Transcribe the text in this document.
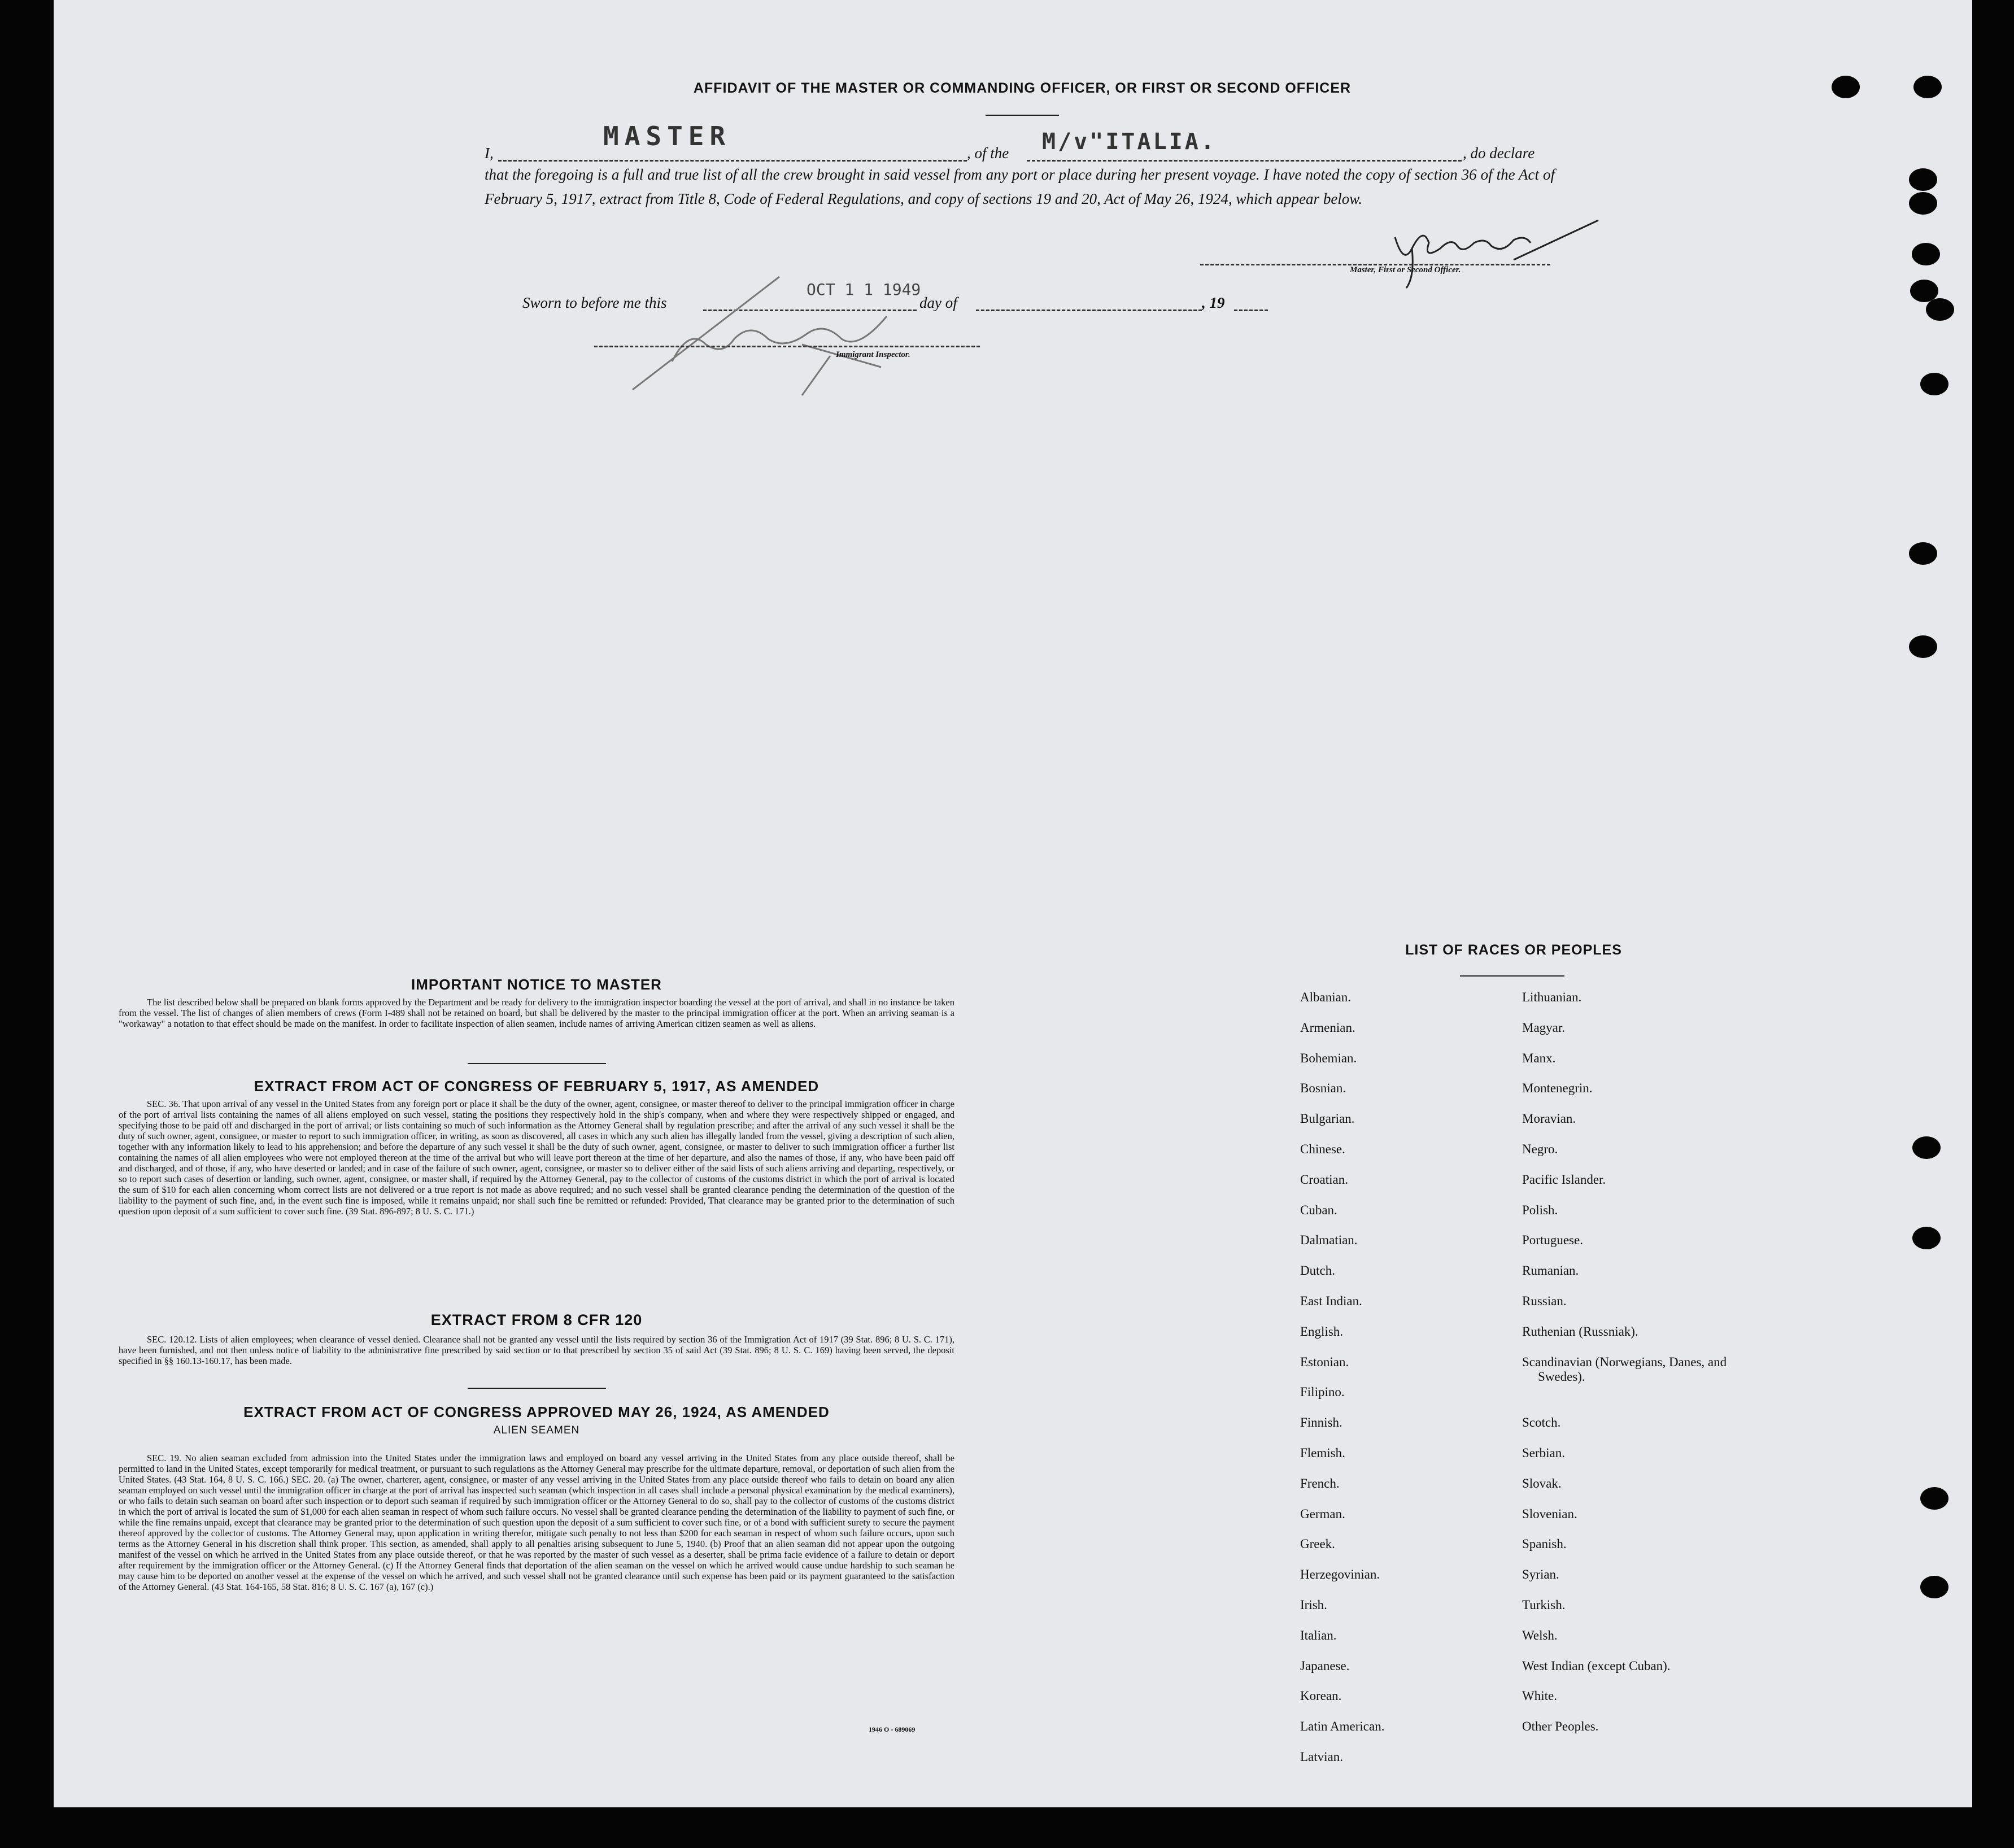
AFFIDAVIT OF THE MASTER OR COMMANDING OFFICER, OR FIRST OR SECOND OFFICER
I,
MASTER
, of the M/v"ITALIA.	, do declare
that the foregoing is a full and true list of all the crew brought in said vessel from any port or place during her present voyage. I have noted the copy of section 36 of the Act of February 5, 1917, extract from Title 8, Code of Federal Regulations, and copy of sections 19 and 20, Act of May 26, 1924, which appear below.
Master, First or Second Officer.
Sworn to before me this
OCT 1 1 1949
day of	, 19
Immigrant Inspector.
IMPORTANT NOTICE TO MASTER
The list described below shall be prepared on blank forms approved by the Department and be ready for delivery to the immigration inspector boarding the vessel at the port of arrival, and shall in no instance be taken from the vessel. The list of changes of alien members of crews (Form I-489 shall not be retained on board, but shall be delivered by the master to the principal immigration officer at the port. When an arriving seaman is a "workaway" a notation to that effect should be made on the manifest. In order to facilitate inspection of alien seamen, include names of arriving American citizen seamen as well as aliens.
EXTRACT FROM ACT OF CONGRESS OF FEBRUARY 5, 1917, AS AMENDED
SEC. 36. That upon arrival of any vessel in the United States from any foreign port or place it shall be the duty of the owner, agent, consignee, or master thereof to deliver to the principal immigration officer in charge of the port of arrival lists containing the names of all aliens employed on such vessel, stating the positions they respectively hold in the ship's company, when and where they were respectively shipped or engaged, and specifying those to be paid off and discharged in the port of arrival; or lists containing so much of such information as the Attorney General shall by regulation prescribe; and after the arrival of any such vessel it shall be the duty of such owner, agent, consignee, or master to report to such immigration officer, in writing, as soon as discovered, all cases in which any such alien has illegally landed from the vessel, giving a description of such alien, together with any information likely to lead to his apprehension; and before the departure of any such vessel it shall be the duty of such owner, agent, consignee, or master to deliver to such immigration officer a further list containing the names of all alien employees who were not employed thereon at the time of the arrival but who will leave port thereon at the time of her departure, and also the names of those, if any, who have been paid off and discharged, and of those, if any, who have deserted or landed; and in case of the failure of such owner, agent, consignee, or master so to deliver either of the said lists of such aliens arriving and departing, respectively, or so to report such cases of desertion or landing, such owner, agent, consignee, or master shall, if required by the Attorney General, pay to the collector of customs of the customs district in which the port of arrival is located the sum of $10 for each alien concerning whom correct lists are not delivered or a true report is not made as above required; and no such vessel shall be granted clearance pending the determination of the question of the liability to the payment of such fine, and, in the event such fine is imposed, while it remains unpaid; nor shall such fine be remitted or refunded: Provided, That clearance may be granted prior to the determination of such question upon deposit of a sum sufficient to cover such fine. (39 Stat. 896-897; 8 U. S. C. 171.)
EXTRACT FROM 8 CFR 120
SEC. 120.12. Lists of alien employees; when clearance of vessel denied. Clearance shall not be granted any vessel until the lists required by section 36 of the Immigration Act of 1917 (39 Stat. 896; 8 U. S. C. 171), have been furnished, and not then unless notice of liability to the administrative fine prescribed by said section or to that prescribed by section 35 of said Act (39 Stat. 896; 8 U. S. C. 169) having been served, the deposit specified in §§ 160.13-160.17, has been made.
EXTRACT FROM ACT OF CONGRESS APPROVED MAY 26, 1924, AS AMENDED
ALIEN SEAMEN
SEC. 19. No alien seaman excluded from admission into the United States under the immigration laws and employed on board any vessel arriving in the United States from any place outside thereof, shall be permitted to land in the United States, except temporarily for medical treatment, or pursuant to such regulations as the Attorney General may prescribe for the ultimate departure, removal, or deportation of such alien from the United States. (43 Stat. 164, 8 U. S. C. 166.) SEC. 20. (a) The owner, charterer, agent, consignee, or master of any vessel arriving in the United States from any place outside thereof who fails to detain on board any alien seaman employed on such vessel until the immigration officer in charge at the port of arrival has inspected such seaman (which inspection in all cases shall include a personal physical examination by the medical examiners), or who fails to detain such seaman on board after such inspection or to deport such seaman if required by such immigration officer or the Attorney General to do so, shall pay to the collector of customs of the customs district in which the port of arrival is located the sum of $1,000 for each alien seaman in respect of whom such failure occurs. No vessel shall be granted clearance pending the determination of the liability to payment of such fine, or while the fine remains unpaid, except that clearance may be granted prior to the determination of such question upon the deposit of a sum sufficient to cover such fine, or of a bond with sufficient surety to secure the payment thereof approved by the collector of customs. The Attorney General may, upon application in writing therefor, mitigate such penalty to not less than $200 for each seaman in respect of whom such failure occurs, upon such terms as the Attorney General in his discretion shall think proper. This section, as amended, shall apply to all penalties arising subsequent to June 5, 1940. (b) Proof that an alien seaman did not appear upon the outgoing manifest of the vessel on which he arrived in the United States from any place outside thereof, or that he was reported by the master of such vessel as a deserter, shall be prima facie evidence of a failure to detain or deport after requirement by the immigration officer or the Attorney General. (c) If the Attorney General finds that deportation of the alien seaman on the vessel on which he arrived would cause undue hardship to such seaman he may cause him to be deported on another vessel at the expense of the vessel on which he arrived, and such vessel shall not be granted clearance until such expense has been paid or its payment guaranteed to the satisfaction of the Attorney General. (43 Stat. 164-165, 58 Stat. 816; 8 U. S. C. 167 (a), 167 (c).)
1946 O - 689069
LIST OF RACES OR PEOPLES
Albanian.
Armenian.
Bohemian.
Bosnian.
Bulgarian.
Chinese.
Croatian.
Cuban.
Dalmatian.
Dutch.
East Indian.
English.
Estonian.
Filipino.
Finnish.
Flemish.
French.
German.
Greek.
Herzegovinian.
Irish.
Italian.
Japanese.
Korean.
Latin American.
Latvian.
Lithuanian.
Magyar.
Manx.
Montenegrin.
Moravian.
Negro.
Pacific Islander.
Polish.
Portuguese.
Rumanian.
Russian.
Ruthenian (Russniak).
Scandinavian (Norwegians, Danes, and Swedes).
Scotch.
Serbian.
Slovak.
Slovenian.
Spanish.
Syrian.
Turkish.
Welsh.
West Indian (except Cuban).
White.
Other Peoples.
